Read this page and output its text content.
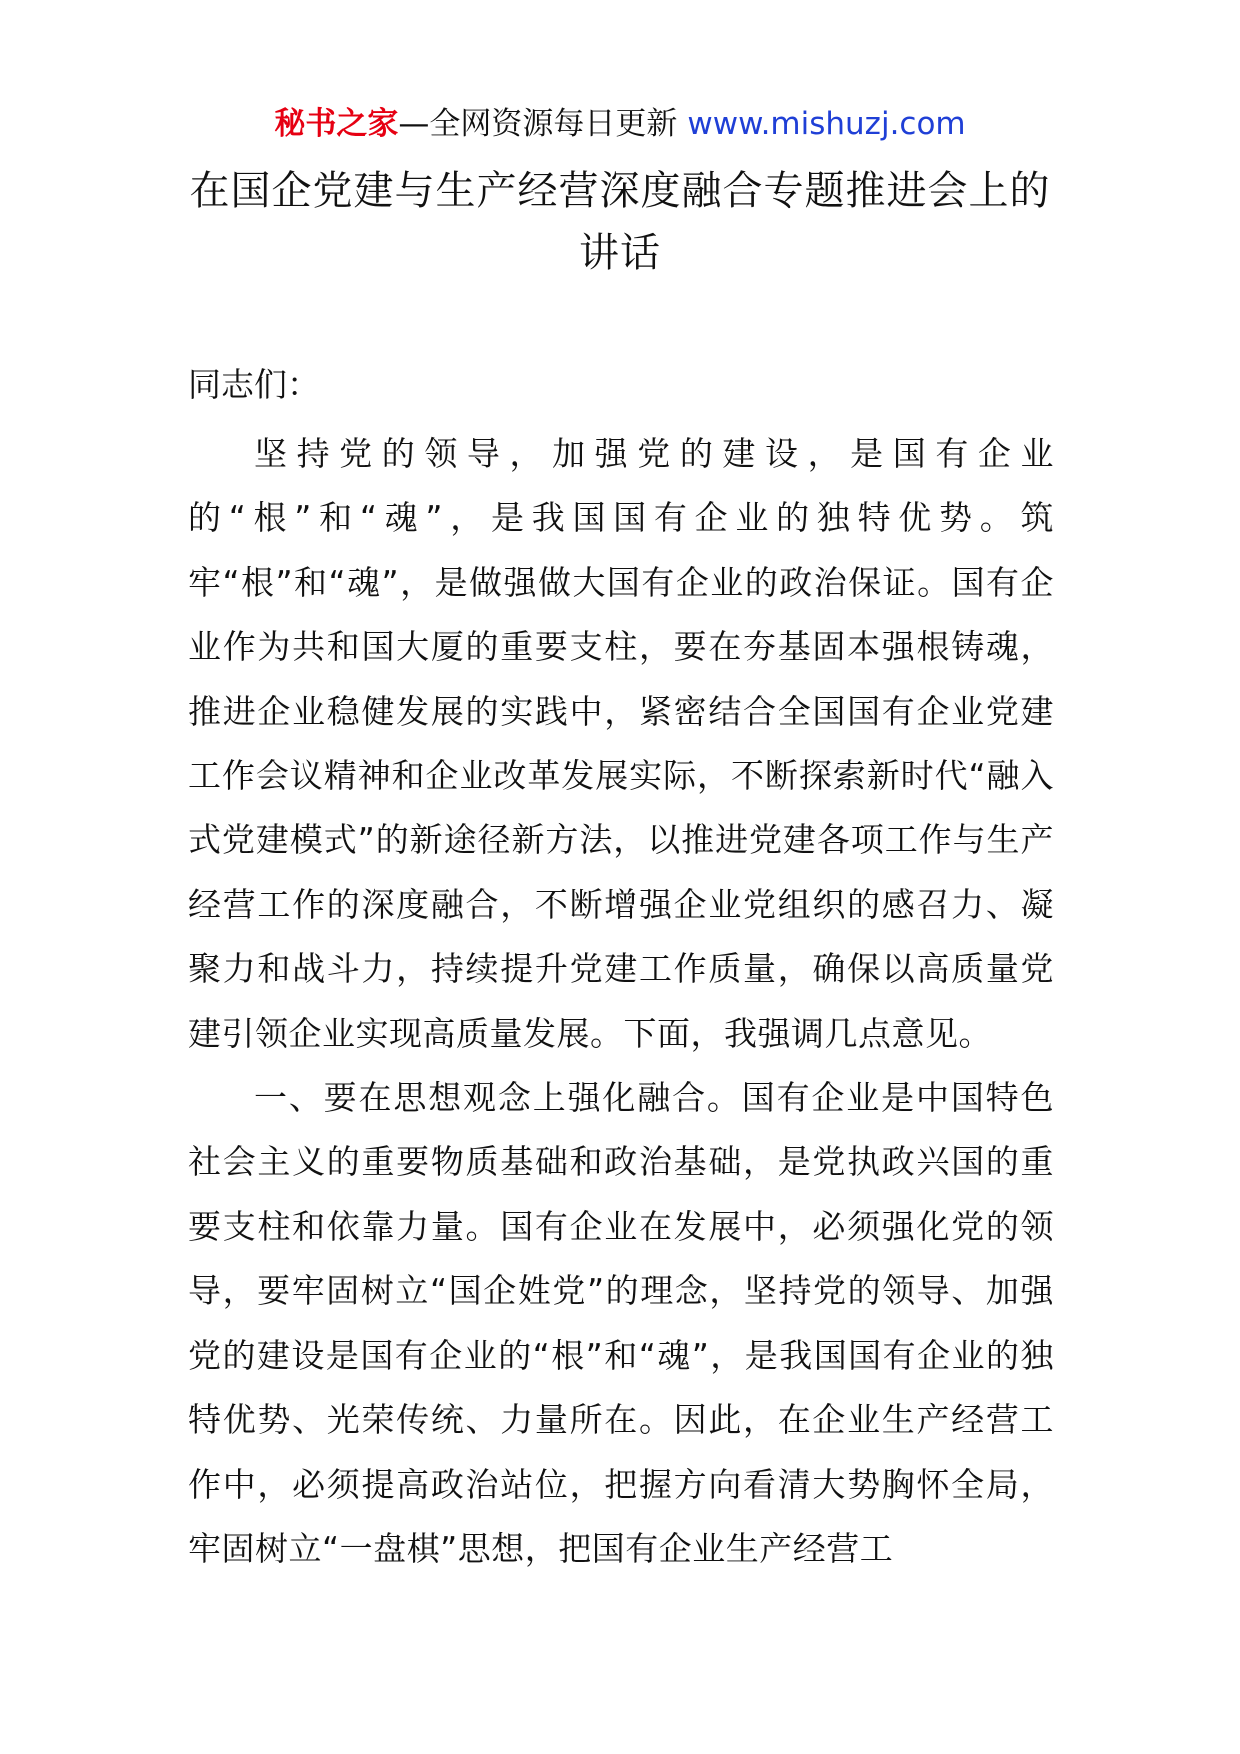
秘书之家—全网资源每日更新 www.mishuzj.com
在国企党建与生产经营深度融合专题推进会上的讲话

同志们：

坚持党的领导，加强党的建设，是国有企业的“根”和“魂”，是我国国有企业的独特优势。筑牢“根”和“魂”，是做强做大国有企业的政治保证。国有企业作为共和国大厦的重要支柱，要在夯基固本强根铸魂，推进企业稳健发展的实践中，紧密结合全国国有企业党建工作会议精神和企业改革发展实际，不断探索新时代“融入式党建模式”的新途径新方法，以推进党建各项工作与生产经营工作的深度融合，不断增强企业党组织的感召力、凝聚力和战斗力，持续提升党建工作质量，确保以高质量党建引领企业实现高质量发展。下面，我强调几点意见。

一、要在思想观念上强化融合。国有企业是中国特色社会主义的重要物质基础和政治基础，是党执政兴国的重要支柱和依靠力量。国有企业在发展中，必须强化党的领导，要牢固树立“国企姓党”的理念，坚持党的领导、加强党的建设是国有企业的“根”和“魂”，是我国国有企业的独特优势、光荣传统、力量所在。因此，在企业生产经营工作中，必须提高政治站位，把握方向看清大势胸怀全局，牢固树立“一盘棋”思想，把国有企业生产经营工
